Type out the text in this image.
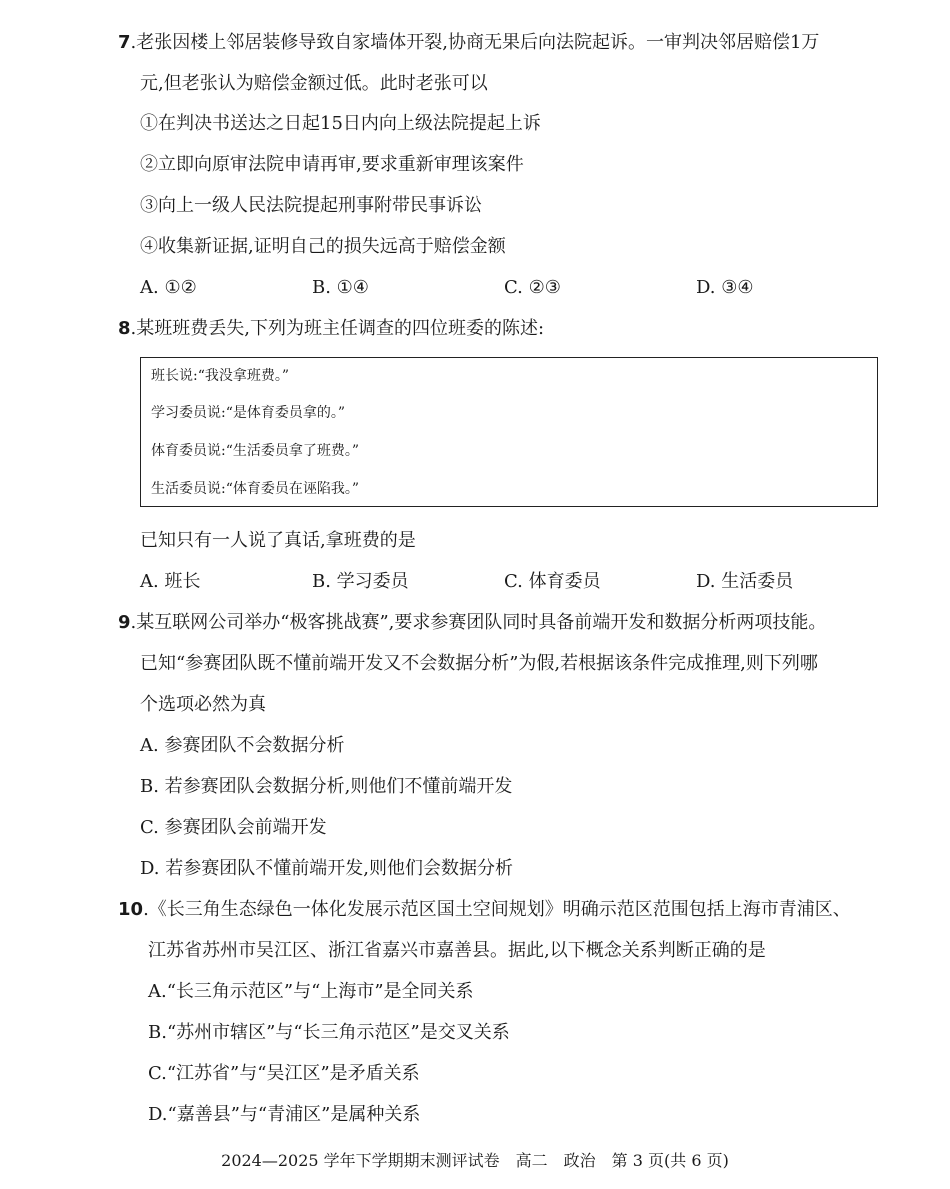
7.老张因楼上邻居装修导致自家墙体开裂,协商无果后向法院起诉。一审判决邻居赔偿1万
元,但老张认为赔偿金额过低。此时老张可以
①在判决书送达之日起15日内向上级法院提起上诉
②立即向原审法院申请再审,要求重新审理该案件
③向上一级人民法院提起刑事附带民事诉讼
④收集新证据,证明自己的损失远高于赔偿金额
A. ①②	B. ①④	C. ②③	D. ③④
8.某班班费丢失,下列为班主任调查的四位班委的陈述:
班长说:“我没拿班费。”
学习委员说:“是体育委员拿的。”
体育委员说:“生活委员拿了班费。”
生活委员说:“体育委员在诬陷我。”
已知只有一人说了真话,拿班费的是
A. 班长	B. 学习委员	C. 体育委员	D. 生活委员
9.某互联网公司举办“极客挑战赛”,要求参赛团队同时具备前端开发和数据分析两项技能。
已知“参赛团队既不懂前端开发又不会数据分析”为假,若根据该条件完成推理,则下列哪
个选项必然为真
A. 参赛团队不会数据分析
B. 若参赛团队会数据分析,则他们不懂前端开发
C. 参赛团队会前端开发
D. 若参赛团队不懂前端开发,则他们会数据分析
10.《长三角生态绿色一体化发展示范区国土空间规划》明确示范区范围包括上海市青浦区、
江苏省苏州市吴江区、浙江省嘉兴市嘉善县。据此,以下概念关系判断正确的是
A.“长三角示范区”与“上海市”是全同关系
B.“苏州市辖区”与“长三角示范区”是交叉关系
C.“江苏省”与“吴江区”是矛盾关系
D.“嘉善县”与“青浦区”是属种关系
2024—2025 学年下学期期末测评试卷　高二　政治　第 3 页(共 6 页)
